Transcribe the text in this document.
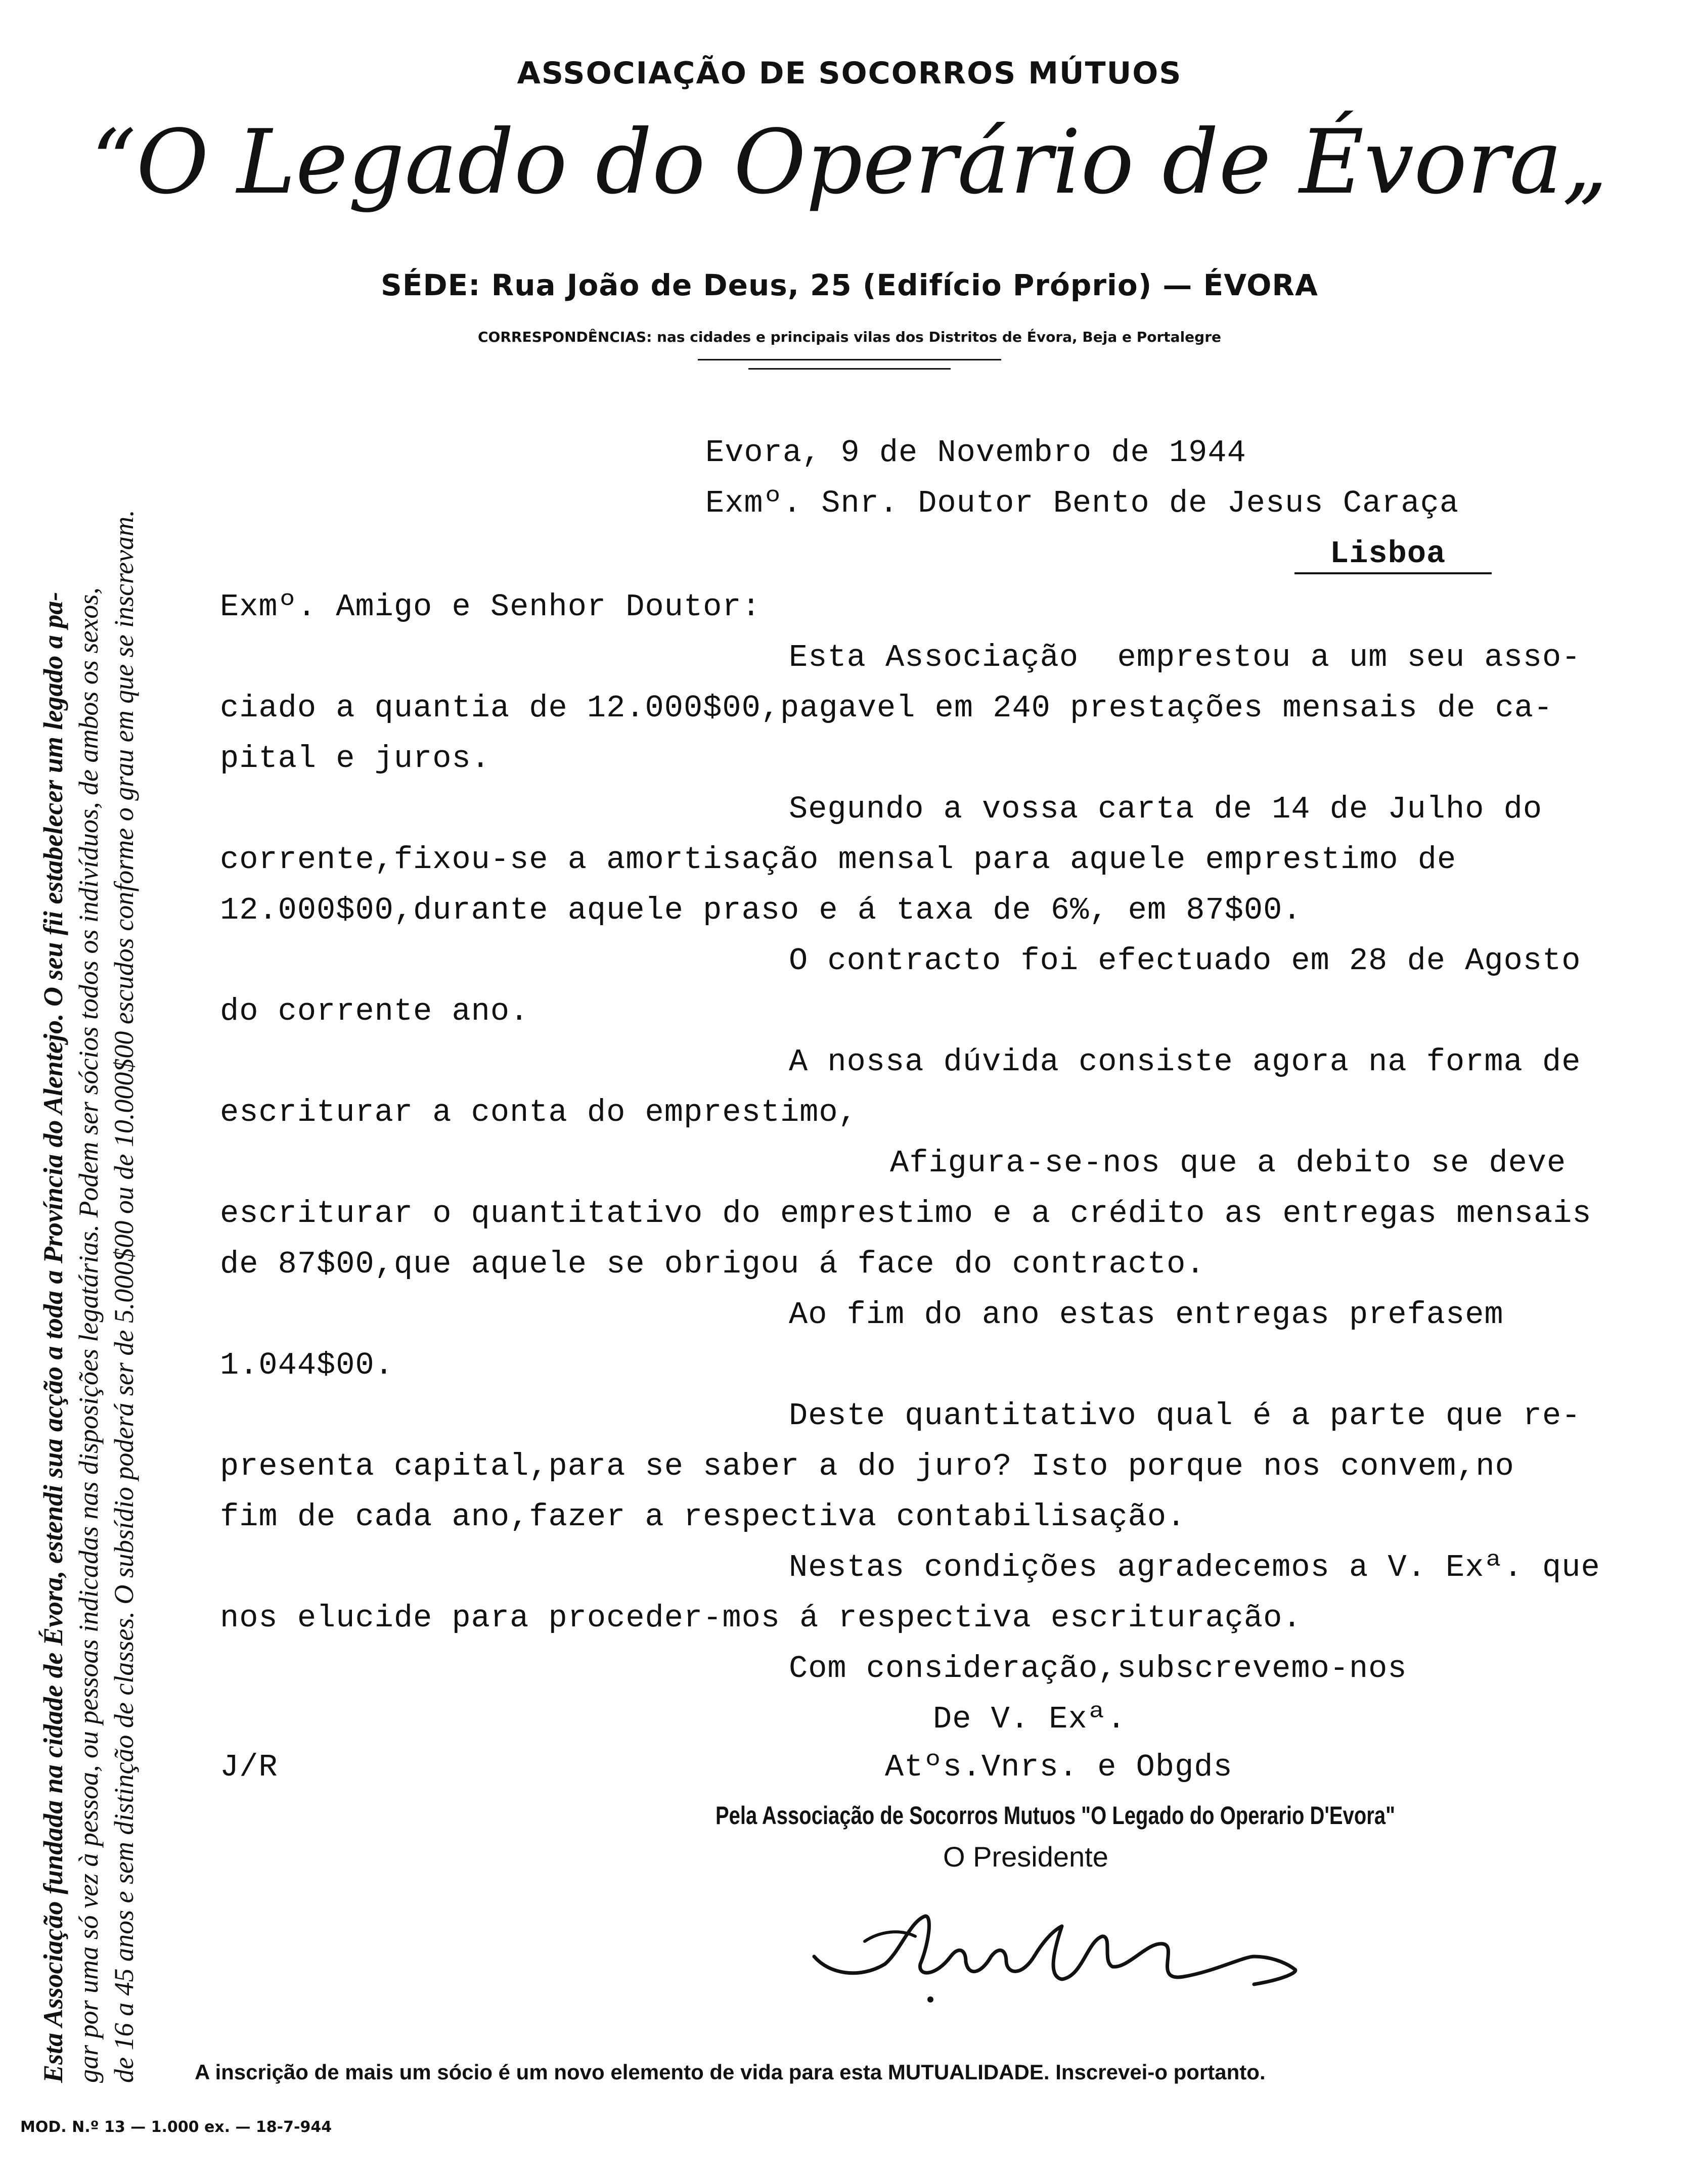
ASSOCIAÇÃO DE SOCORROS MÚTUOS
“O Legado do Operário de Évora„
SÉDE: Rua João de Deus, 25 (Edifício Próprio) — ÉVORA
CORRESPONDÊNCIAS: nas cidades e principais vilas dos Distritos de Évora, Beja e Portalegre
Esta Associação fundada na cidade de Évora, estendi sua acção a toda a Província do Alentejo. O seu fii estabelecer um legado a pa- gar por uma só vez à pessoa, ou pessoas indicadas nas disposições legatárias. Podem ser sócios todos os indivíduos, de ambos os sexos, de 16 a 45 anos e sem distinção de classes. O subsídio poderá ser de 5.000$00 ou de 10.000$00 escudos conforme o grau em que se inscrevam.
Evora, 9 de Novembro de 1944
Exmº. Snr. Doutor Bento de Jesus Caraça
Lisboa
Exmº. Amigo e Senhor Doutor:
Esta Associação  emprestou a um seu asso-
ciado a quantia de 12.000$00,pagavel em 240 prestações mensais de ca-
pital e juros.
Segundo a vossa carta de 14 de Julho do
corrente,fixou-se a amortisação mensal para aquele emprestimo de
12.000$00,durante aquele praso e á taxa de 6%, em 87$00.
O contracto foi efectuado em 28 de Agosto
do corrente ano.
A nossa dúvida consiste agora na forma de
escriturar a conta do emprestimo,
Afigura-se-nos que a debito se deve
escriturar o quantitativo do emprestimo e a crédito as entregas mensais
de 87$00,que aquele se obrigou á face do contracto.
Ao fim do ano estas entregas prefasem
1.044$00.
Deste quantitativo qual é a parte que re-
presenta capital,para se saber a do juro? Isto porque nos convem,no
fim de cada ano,fazer a respectiva contabilisação.
Nestas condições agradecemos a V. Exª. que
nos elucide para proceder-mos á respectiva escrituração.
Com consideração,subscrevemo-nos
De V. Exª.
J/R	Atºs.Vnrs. e Obgds
Pela Associação de Socorros Mutuos "O Legado do Operario D'Evora"
O Presidente
A inscrição de mais um sócio é um novo elemento de vida para esta MUTUALIDADE. Inscrevei-o portanto.
MOD. N.º 13 — 1.000 ex. — 18-7-944
